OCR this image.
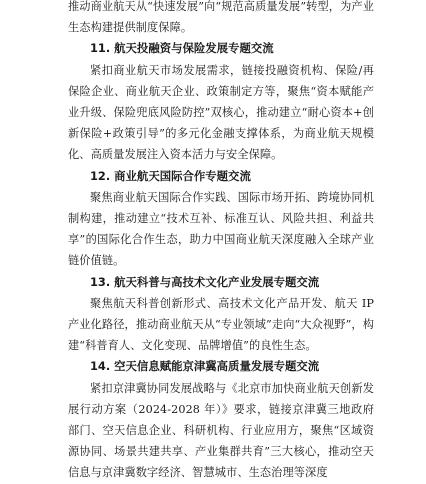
推动商业航天从“快速发展”向“规范高质量发展”转型，为产业生态构建提供制度保障。

11. 航天投融资与保险发展专题交流

紧扣商业航天市场发展需求，链接投融资机构、保险/再保险企业、商业航天企业、政策制定方等，聚焦“资本赋能产业升级、保险兜底风险防控”双核心，推动建立“耐心资本+创新保险+政策引导”的多元化金融支撑体系，为商业航天规模化、高质量发展注入资本活力与安全保障。

12. 商业航天国际合作专题交流

聚焦商业航天国际合作实践、国际市场开拓、跨境协同机制构建，推动建立“技术互补、标准互认、风险共担、利益共享”的国际化合作生态，助力中国商业航天深度融入全球产业链价值链。

13. 航天科普与高技术文化产业发展专题交流

聚焦航天科普创新形式、高技术文化产品开发、航天 IP 产业化路径，推动商业航天从“专业领域”走向“大众视野”，构建“科普育人、文化变现、品牌增值”的良性生态。

14. 空天信息赋能京津冀高质量发展专题交流

紧扣京津冀协同发展战略与《北京市加快商业航天创新发展行动方案（2024-2028 年）》要求，链接京津冀三地政府部门、空天信息企业、科研机构、行业应用方，聚焦“区域资源协同、场景共建共享、产业集群共育”三大核心，推动空天信息与京津冀数字经济、智慧城市、生态治理等深度
